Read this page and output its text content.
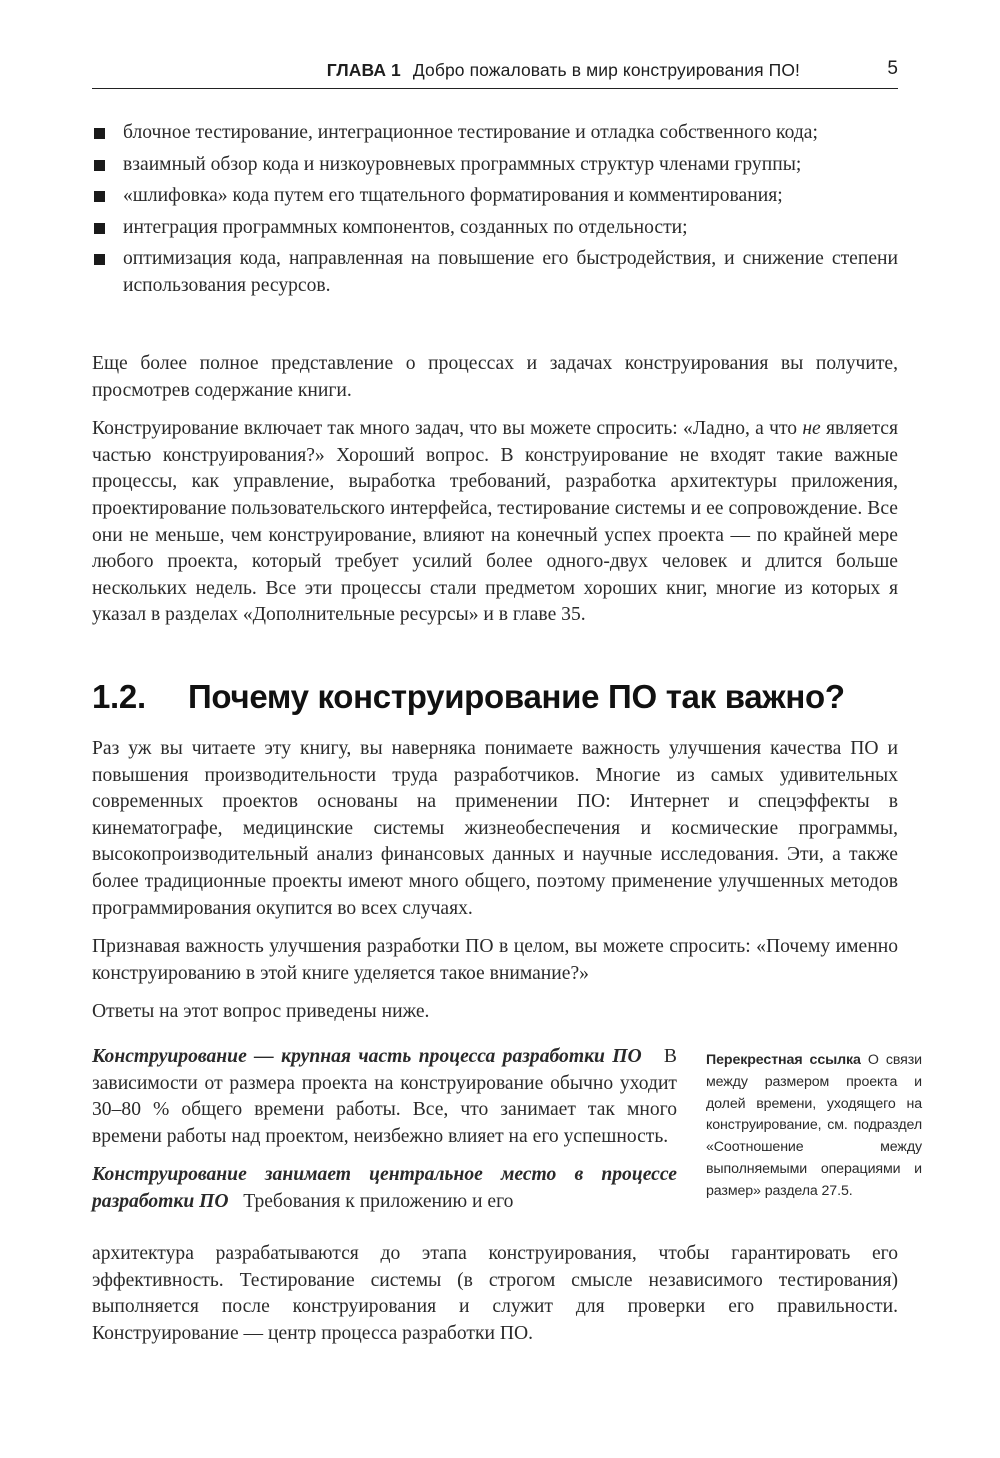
ГЛАВА 1 Добро пожаловать в мир конструирования ПО!	5
блочное тестирование, интеграционное тестирование и отладка собственного кода;
взаимный обзор кода и низкоуровневых программных структур членами группы;
«шлифовка» кода путем его тщательного форматирования и комментирования;
интеграция программных компонентов, созданных по отдельности;
оптимизация кода, направленная на повышение его быстродействия, и снижение степени использования ресурсов.

Еще более полное представление о процессах и задачах конструирования вы получите, просмотрев содержание книги.

Конструирование включает так много задач, что вы можете спросить: «Ладно, а что не является частью конструирования?» Хороший вопрос. В конструирование не входят такие важные процессы, как управление, выработка требований, разработка архитектуры приложения, проектирование пользовательского интерфейса, тестирование системы и ее сопровождение. Все они не меньше, чем конструирование, влияют на конечный успех проекта — по крайней мере любого проекта, который требует усилий более одного-двух человек и длится больше нескольких недель. Все эти процессы стали предметом хороших книг, многие из которых я указал в разделах «Дополнительные ресурсы» и в главе 35.

1.2. Почему конструирование ПО так важно?

Раз уж вы читаете эту книгу, вы наверняка понимаете важность улучшения качества ПО и повышения производительности труда разработчиков. Многие из самых удивительных современных проектов основаны на применении ПО: Интернет и спецэффекты в кинематографе, медицинские системы жизнеобеспечения и космические программы, высокопроизводительный анализ финансовых данных и научные исследования. Эти, а также более традиционные проекты имеют много общего, поэтому применение улучшенных методов программирования окупится во всех случаях.

Признавая важность улучшения разработки ПО в целом, вы можете спросить: «Почему именно конструированию в этой книге уделяется такое внимание?»

Ответы на этот вопрос приведены ниже.

Конструирование — крупная часть процесса разработки ПО В зависимости от размера проекта на конструирование обычно уходит 30–80 % общего времени работы. Все, что занимает так много времени работы над проектом, неизбежно влияет на его успешность.

Конструирование занимает центральное место в процессе разработки ПО Требования к приложению и его

архитектура разрабатываются до этапа конструирования, чтобы гарантировать его эффективность. Тестирование системы (в строгом смысле независимого тестирования) выполняется после конструирования и служит для проверки его правильности. Конструирование — центр процесса разработки ПО.
Перекрестная ссылка О связи между размером проекта и долей времени, уходящего на конструирование, см. подраздел «Соотношение между выполняемыми операциями и размер» раздела 27.5.
